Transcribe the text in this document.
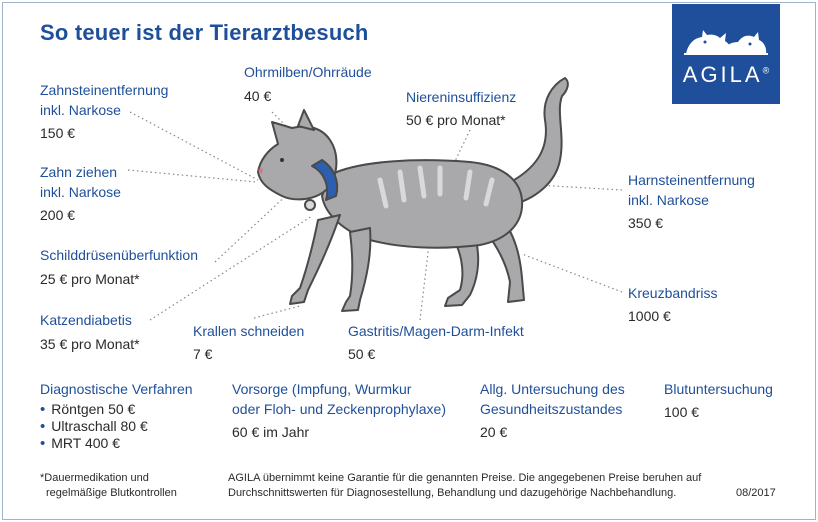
So teuer ist der Tierarztbesuch
AGILA®
Zahnsteinentfernung
inkl. Narkose
150 €
Zahn ziehen
inkl. Narkose
200 €
Schilddrüsenüberfunktion
25 € pro Monat*
Katzendiabetis
35 € pro Monat*
Ohrmilben/Ohrräude
40 €	Niereninsuffizienz
50 € pro Monat*
Harnsteinentfernung
inkl. Narkose
350 €
Kreuzbandriss
1000 €
Krallen schneiden
7 €
Gastritis/Magen-Darm-Infekt
50 €
Diagnostische Verfahren
• Röntgen 50 €
• Ultraschall 80 €
• MRT 400 €
Vorsorge (Impfung, Wurmkur
oder Floh- und Zeckenprophylaxe)
60 € im Jahr
Allg. Untersuchung des
Gesundheitszustandes
20 €
Blutuntersuchung
100 €
*Dauermedikation und
regelmäßige Blutkontrollen
AGILA übernimmt keine Garantie für die genannten Preise. Die angegebenen Preise beruhen auf
Durchschnittswerten für Diagnosestellung, Behandlung und dazugehörige Nachbehandlung.	08/2017
